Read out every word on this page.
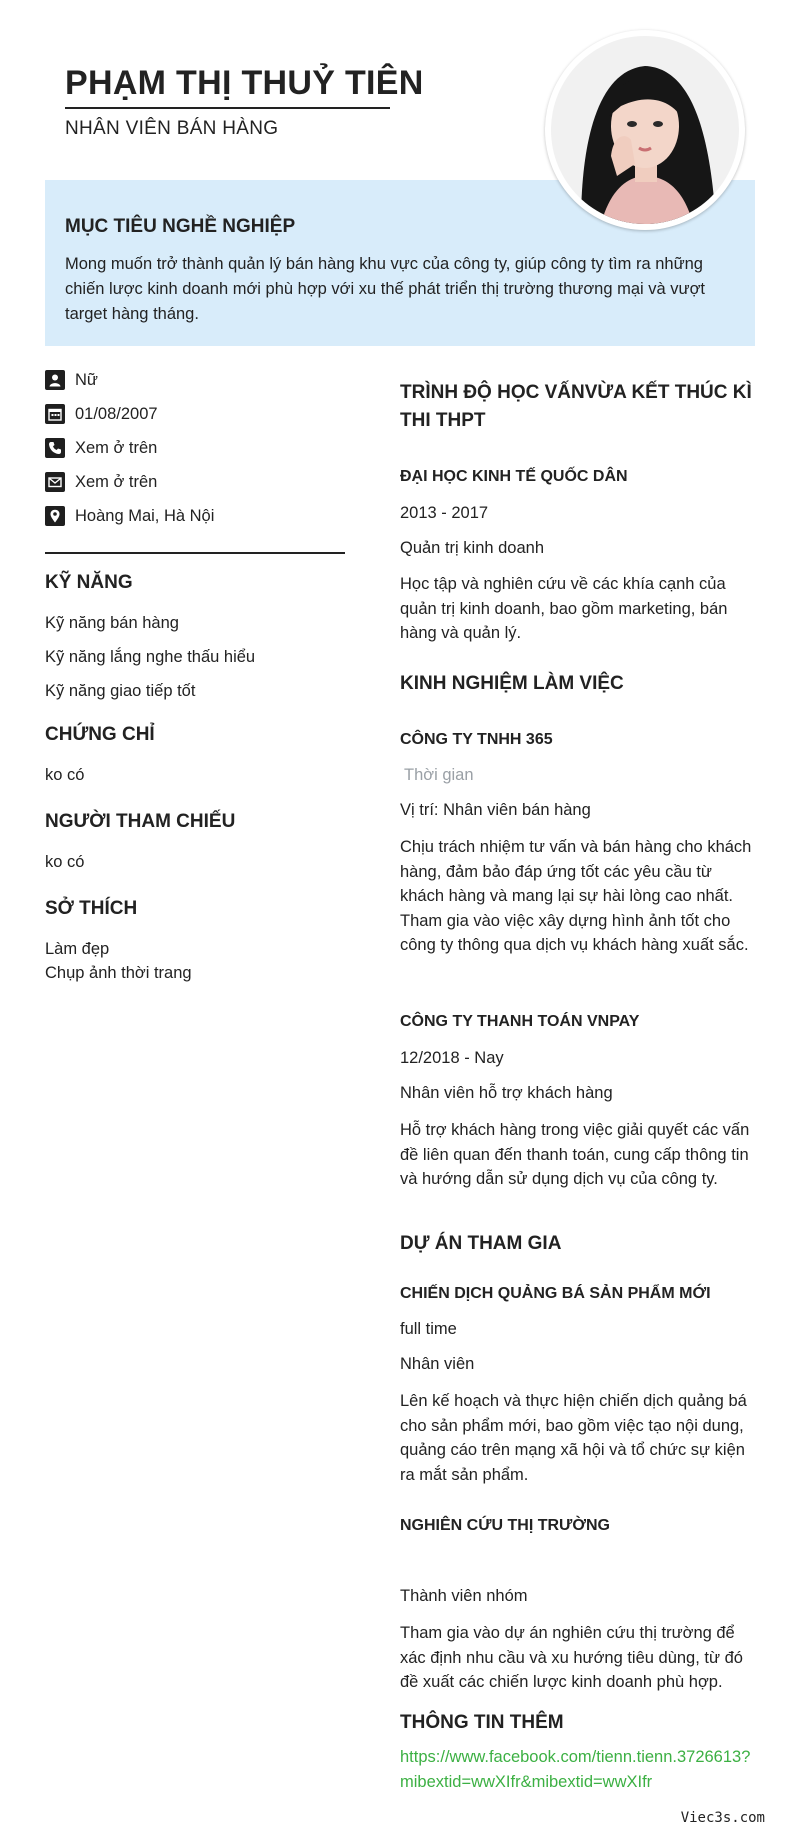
PHẠM THỊ THUỶ TIÊN
NHÂN VIÊN BÁN HÀNG
MỤC TIÊU NGHỀ NGHIỆP

Mong muốn trở thành quản lý bán hàng khu vực của công ty, giúp công ty tìm ra những chiến lược kinh doanh mới phù hợp với xu thế phát triển thị trường thương mại và vượt target hàng tháng.

Nữ
01/08/2007
Xem ở trên
Xem ở trên
Hoàng Mai, Hà Nội
KỸ NĂNG
Kỹ năng bán hàng
Kỹ năng lắng nghe thấu hiểu
Kỹ năng giao tiếp tốt
CHỨNG CHỈ
ko có
NGƯỜI THAM CHIẾU
ko có
SỞ THÍCH
Làm đẹp
Chụp ảnh thời trang
TRÌNH ĐỘ HỌC VẤNVỪA KẾT THÚC KÌ THI THPT
ĐẠI HỌC KINH TẾ QUỐC DÂN
2013 - 2017
Quản trị kinh doanh

Học tập và nghiên cứu về các khía cạnh của quản trị kinh doanh, bao gồm marketing, bán hàng và quản lý.

KINH NGHIỆM LÀM VIỆC
CÔNG TY TNHH 365
Thời gian
Vị trí: Nhân viên bán hàng

Chịu trách nhiệm tư vấn và bán hàng cho khách hàng, đảm bảo đáp ứng tốt các yêu cầu từ khách hàng và mang lại sự hài lòng cao nhất. Tham gia vào việc xây dựng hình ảnh tốt cho công ty thông qua dịch vụ khách hàng xuất sắc.

CÔNG TY THANH TOÁN VNPAY
12/2018 - Nay
Nhân viên hỗ trợ khách hàng

Hỗ trợ khách hàng trong việc giải quyết các vấn đề liên quan đến thanh toán, cung cấp thông tin và hướng dẫn sử dụng dịch vụ của công ty.

DỰ ÁN THAM GIA
CHIẾN DỊCH QUẢNG BÁ SẢN PHẨM MỚI
full time
Nhân viên

Lên kế hoạch và thực hiện chiến dịch quảng bá cho sản phẩm mới, bao gồm việc tạo nội dung, quảng cáo trên mạng xã hội và tổ chức sự kiện ra mắt sản phẩm.

NGHIÊN CỨU THỊ TRƯỜNG
Thành viên nhóm

Tham gia vào dự án nghiên cứu thị trường để xác định nhu cầu và xu hướng tiêu dùng, từ đó đề xuất các chiến lược kinh doanh phù hợp.

THÔNG TIN THÊM
https://www.facebook.com/tienn.tienn.3726613?mibextid=wwXIfr&mibextid=wwXIfr
Viec3s.com
